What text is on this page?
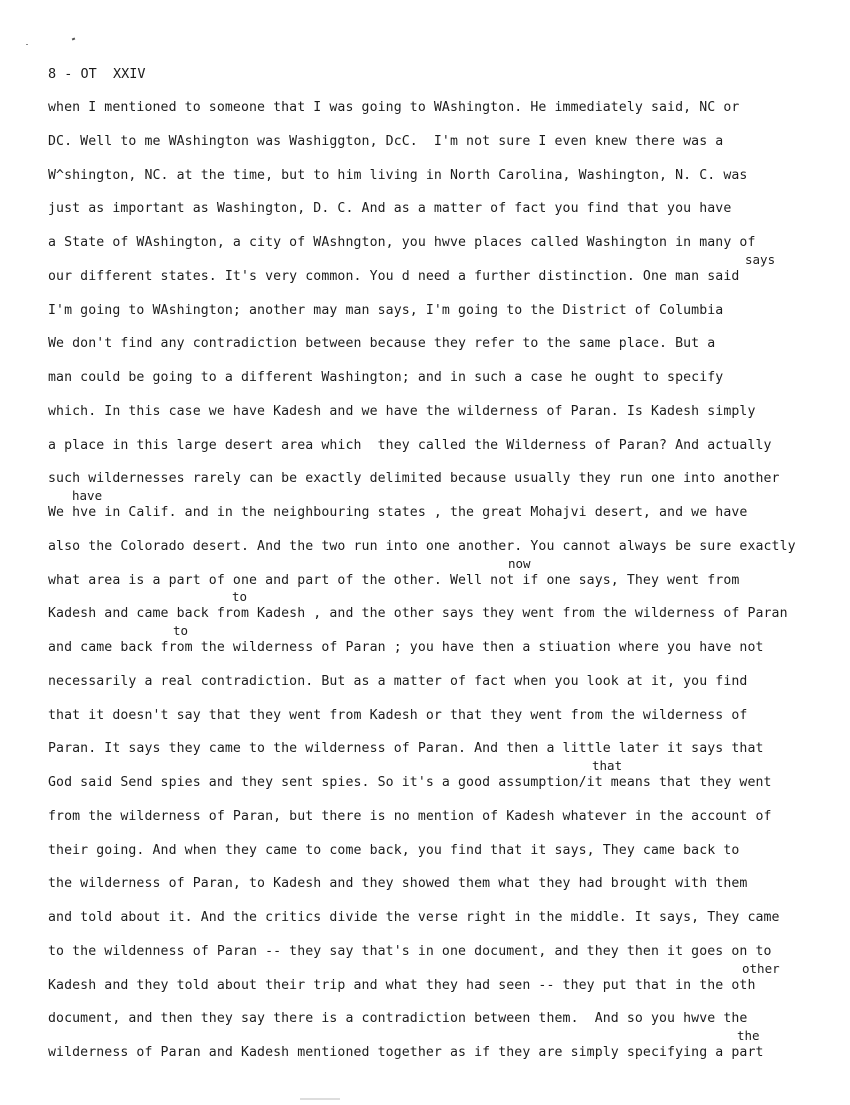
8 - OT  XXIV
when I mentioned to someone that I was going to WAshington. He immediately said, NC or
DC. Well to me WAshington was Washiggton, DcC.  I'm not sure I even knew there was a
W^shington, NC. at the time, but to him living in North Carolina, Washington, N. C. was
just as important as Washington, D. C. And as a matter of fact you find that you have
a State of WAshington, a city of WAshngton, you hwve places called Washington in many of
our different states. It's very common. You d need a further distinction. One man said
I'm going to WAshington; another may man says, I'm going to the District of Columbia
We don't find any contradiction between because they refer to the same place. But a
man could be going to a different Washington; and in such a case he ought to specify
which. In this case we have Kadesh and we have the wilderness of Paran. Is Kadesh simply
a place in this large desert area which  they called the Wilderness of Paran? And actually
such wildernesses rarely can be exactly delimited because usually they run one into another
We hve in Calif. and in the neighbouring states , the great Mohajvi desert, and we have
also the Colorado desert. And the two run into one another. You cannot always be sure exactly
what area is a part of one and part of the other. Well not if one says, They went from
Kadesh and came back from Kadesh , and the other says they went from the wilderness of Paran
and came back from the wilderness of Paran ; you have then a stiuation where you have not
necessarily a real contradiction. But as a matter of fact when you look at it, you find
that it doesn't say that they went from Kadesh or that they went from the wilderness of
Paran. It says they came to the wilderness of Paran. And then a little later it says that
God said Send spies and they sent spies. So it's a good assumption/it means that they went
from the wilderness of Paran, but there is no mention of Kadesh whatever in the account of
their going. And when they came to come back, you find that it says, They came back to
the wilderness of Paran, to Kadesh and they showed them what they had brought with them
and told about it. And the critics divide the verse right in the middle. It says, They came
to the wildenness of Paran -- they say that's in one document, and they then it goes on to
Kadesh and they told about their trip and what they had seen -- they put that in the oth
document, and then they say there is a contradiction between them.  And so you hwve the
wilderness of Paran and Kadesh mentioned together as if they are simply specifying a part
says
have
now
to
to
that
other
the
